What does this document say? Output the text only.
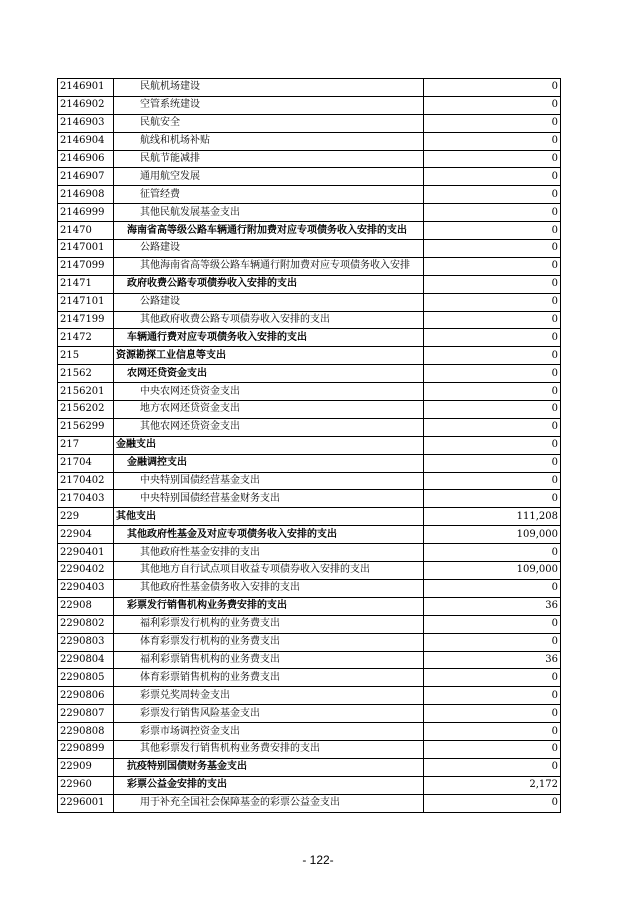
2146901	民航机场建设	0
2146902	空管系统建设	0
2146903	民航安全	0
2146904	航线和机场补贴	0
2146906	民航节能减排	0
2146907	通用航空发展	0
2146908	征管经费	0
2146999	其他民航发展基金支出	0
21470	海南省高等级公路车辆通行附加费对应专项债务收入安排的支出	0
2147001	公路建设	0
2147099	其他海南省高等级公路车辆通行附加费对应专项债务收入安排	0
21471	政府收费公路专项债券收入安排的支出	0
2147101	公路建设	0
2147199	其他政府收费公路专项债券收入安排的支出	0
21472	车辆通行费对应专项债务收入安排的支出	0
215	资源勘探工业信息等支出	0
21562	农网还贷资金支出	0
2156201	中央农网还贷资金支出	0
2156202	地方农网还贷资金支出	0
2156299	其他农网还贷资金支出	0
217	金融支出	0
21704	金融调控支出	0
2170402	中央特别国债经营基金支出	0
2170403	中央特别国债经营基金财务支出	0
229	其他支出	111,208
22904	其他政府性基金及对应专项债务收入安排的支出	109,000
2290401	其他政府性基金安排的支出	0
2290402	其他地方自行试点项目收益专项债券收入安排的支出	109,000
2290403	其他政府性基金债务收入安排的支出	0
22908	彩票发行销售机构业务费安排的支出	36
2290802	福利彩票发行机构的业务费支出	0
2290803	体育彩票发行机构的业务费支出	0
2290804	福利彩票销售机构的业务费支出	36
2290805	体育彩票销售机构的业务费支出	0
2290806	彩票兑奖周转金支出	0
2290807	彩票发行销售风险基金支出	0
2290808	彩票市场调控资金支出	0
2290899	其他彩票发行销售机构业务费安排的支出	0
22909	抗疫特别国债财务基金支出	0
22960	彩票公益金安排的支出	2,172
2296001	用于补充全国社会保障基金的彩票公益金支出	0
- 122-
